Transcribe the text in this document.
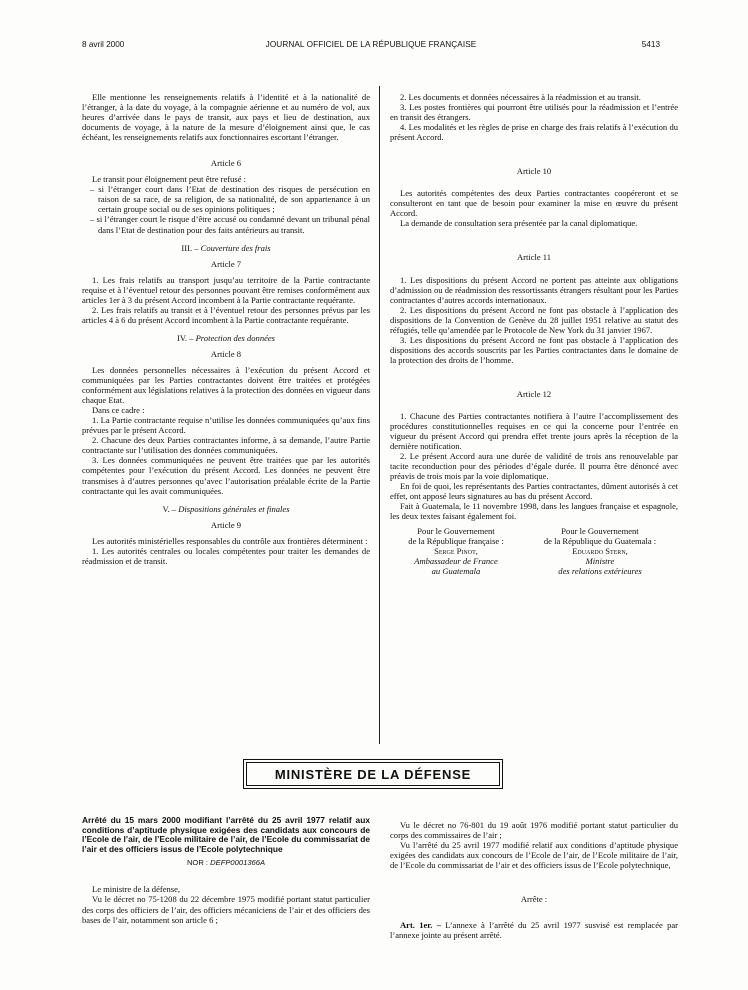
8 avril 2000	JOURNAL OFFICIEL DE LA RÉPUBLIQUE FRANÇAISE	5413

Elle mentionne les renseignements relatifs à l’identité et à la nationalité de l’étranger, à la date du voyage, à la compagnie aérienne et au numéro de vol, aux heures d’arrivée dans le pays de transit, aux pays et lieu de destination, aux documents de voyage, à la nature de la mesure d’éloignement ainsi que, le cas échéant, les renseignements relatifs aux fonctionnaires escortant l’étranger.

Article 6

Le transit pour éloignement peut être refusé :

– si l’étranger court dans l’Etat de destination des risques de persécution en raison de sa race, de sa religion, de sa nationalité, de son appartenance à un certain groupe social ou de ses opinions politiques ;

– si l’étranger court le risque d’être accusé ou condamné devant un tribunal pénal dans l’Etat de destination pour des faits antérieurs au transit.

III. – Couverture des frais

Article 7

1. Les frais relatifs au transport jusqu’au territoire de la Partie contractante requise et à l’éventuel retour des personnes pouvant être remises conformément aux articles 1er à 3 du présent Accord incombent à la Partie contractante requérante.

2. Les frais relatifs au transit et à l’éventuel retour des personnes prévus par les articles 4 à 6 du présent Accord incombent à la Partie contractante requérante.

IV. – Protection des données

Article 8

Les données personnelles nécessaires à l’exécution du présent Accord et communiquées par les Parties contractantes doivent être traitées et protégées conformément aux législations relatives à la protection des données en vigueur dans chaque Etat.

Dans ce cadre :

1. La Partie contractante requise n’utilise les données communiquées qu’aux fins prévues par le présent Accord.

2. Chacune des deux Parties contractantes informe, à sa demande, l’autre Partie contractante sur l’utilisation des données communiquées.

3. Les données communiquées ne peuvent être traitées que par les autorités compétentes pour l’exécution du présent Accord. Les données ne peuvent être transmises à d’autres personnes qu’avec l’autorisation préalable écrite de la Partie contractante qui les avait communiquées.

V. – Dispositions générales et finales

Article 9

Les autorités ministérielles responsables du contrôle aux frontières déterminent :

1. Les autorités centrales ou locales compétentes pour traiter les demandes de réadmission et de transit.

2. Les documents et données nécessaires à la réadmission et au transit.

3. Les postes frontières qui pourront être utilisés pour la réadmission et l’entrée en transit des étrangers.

4. Les modalités et les règles de prise en charge des frais relatifs à l’exécution du présent Accord.

Article 10

Les autorités compétentes des deux Parties contractantes coopéreront et se consulteront en tant que de besoin pour examiner la mise en œuvre du présent Accord.

La demande de consultation sera présentée par la canal diplomatique.

Article 11

1. Les dispositions du présent Accord ne portent pas atteinte aux obligations d’admission ou de réadmission des ressortissants étrangers résultant pour les Parties contractantes d’autres accords internationaux.

2. Les dispositions du présent Accord ne font pas obstacle à l’application des dispositions de la Convention de Genève du 28 juillet 1951 relative au statut des réfugiés, telle qu’amendée par le Protocole de New York du 31 janvier 1967.

3. Les dispositions du présent Accord ne font pas obstacle à l’application des dispositions des accords souscrits par les Parties contractantes dans le domaine de la protection des droits de l’homme.

Article 12

1. Chacune des Parties contractantes notifiera à l’autre l’accomplissement des procédures constitutionnelles requises en ce qui la concerne pour l’entrée en vigueur du présent Accord qui prendra effet trente jours après la réception de la dernière notification.

2. Le présent Accord aura une durée de validité de trois ans renouvelable par tacite reconduction pour des périodes d’égale durée. Il pourra être dénoncé avec préavis de trois mois par la voie diplomatique.

En foi de quoi, les représentants des Parties contractantes, dûment autorisés à cet effet, ont apposé leurs signatures au bas du présent Accord.

Fait à Guatemala, le 11 novembre 1998, dans les langues française et espagnole, les deux textes faisant également foi.

Pour le Gouvernement
de la République française :
Serge Pinot,
Ambassadeur de France
au Guatemala
Pour le Gouvernement
de la République du Guatemala :
Eduardo Stern,
Ministre
des relations extérieures
MINISTÈRE DE LA DÉFENSE

Arrêté du 15 mars 2000 modifiant l’arrêté du 25 avril 1977 relatif aux conditions d’aptitude physique exigées des candidats aux concours de l’Ecole de l’air, de l’Ecole militaire de l’air, de l’Ecole du commissariat de l’air et des officiers issus de l’Ecole polytechnique

NOR : DEFP0001366A

Le ministre de la défense,

Vu le décret no 75-1208 du 22 décembre 1975 modifié portant statut particulier des corps des officiers de l’air, des officiers mécaniciens de l’air et des officiers des bases de l’air, notamment son article 6 ;

Vu le décret no 76-801 du 19 août 1976 modifié portant statut particulier du corps des commissaires de l’air ;

Vu l’arrêté du 25 avril 1977 modifié relatif aux conditions d’aptitude physique exigées des candidats aux concours de l’Ecole de l’air, de l’Ecole militaire de l’air, de l’Ecole du commissariat de l’air et des officiers issus de l’Ecole polytechnique,

Arrête :

Art. 1er. – L’annexe à l’arrêté du 25 avril 1977 susvisé est remplacée par l’annexe jointe au présent arrêté.
